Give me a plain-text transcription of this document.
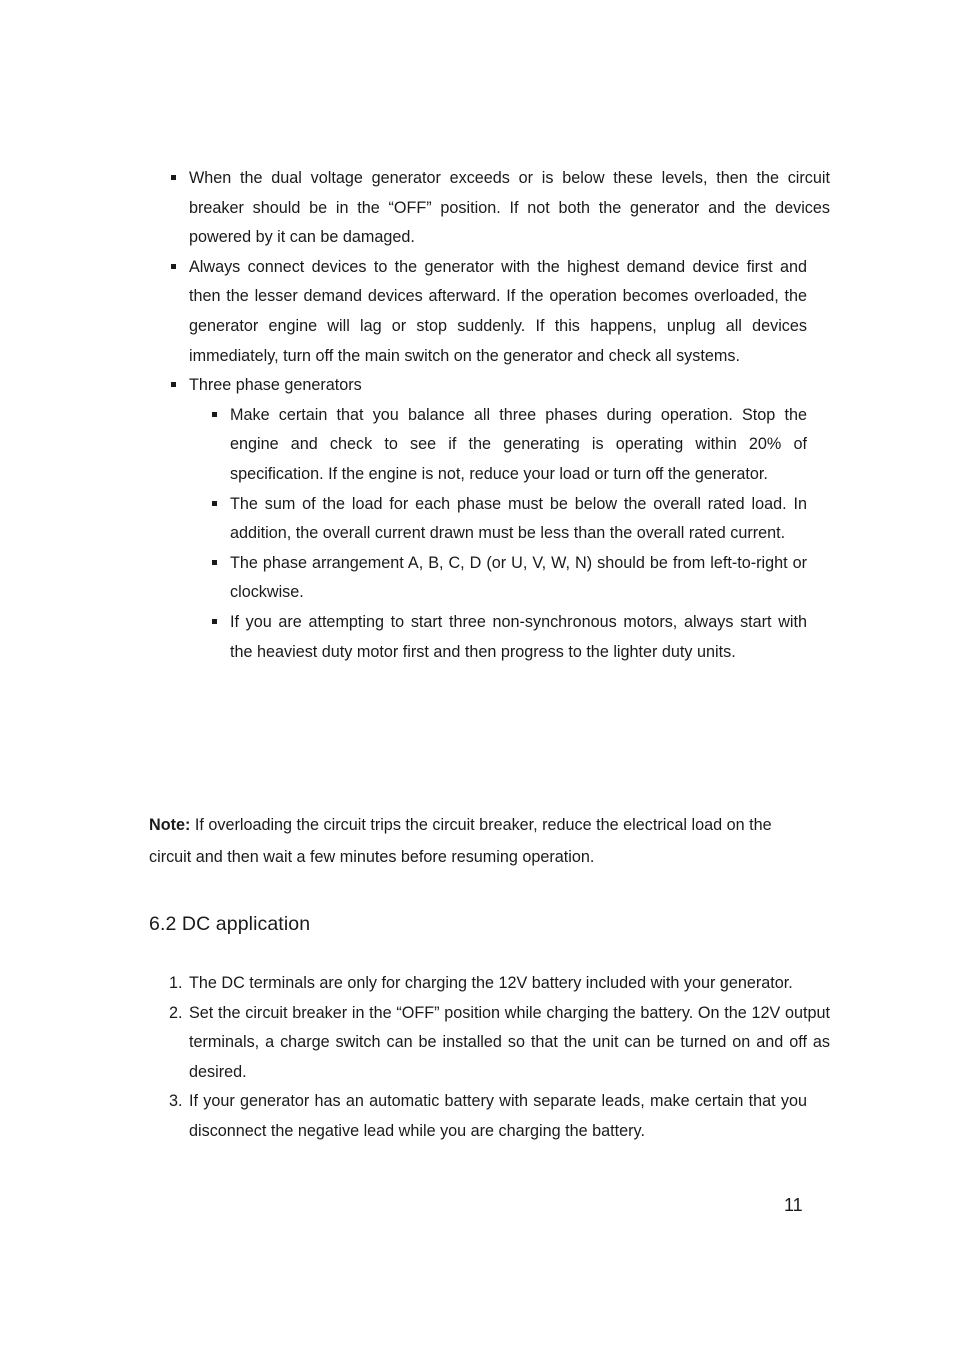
When the dual voltage generator exceeds or is below these levels, then the circuit breaker should be in the “OFF” position. If not both the generator and the devices powered by it can be damaged.
Always connect devices to the generator with the highest demand device first and then the lesser demand devices afterward. If the operation becomes overloaded, the generator engine will lag or stop suddenly. If this happens, unplug all devices immediately, turn off the main switch on the generator and check all systems.
Three phase generators
Make certain that you balance all three phases during operation. Stop the engine and check to see if the generating is operating within 20% of specification. If the engine is not, reduce your load or turn off the generator.
The sum of the load for each phase must be below the overall rated load. In addition, the overall current drawn must be less than the overall rated current.
The phase arrangement A, B, C, D (or U, V, W, N) should be from left-to-right or clockwise.
If you are attempting to start three non-synchronous motors, always start with the heaviest duty motor first and then progress to the lighter duty units.

Note: If overloading the circuit trips the circuit breaker, reduce the electrical load on the circuit and then wait a few minutes before resuming operation.

6.2 DC application
1. The DC terminals are only for charging the 12V battery included with your generator.
2. Set the circuit breaker in the “OFF” position while charging the battery. On the 12V output terminals, a charge switch can be installed so that the unit can be turned on and off as desired.
3. If your generator has an automatic battery with separate leads, make certain that you disconnect the negative lead while you are charging the battery.
11
